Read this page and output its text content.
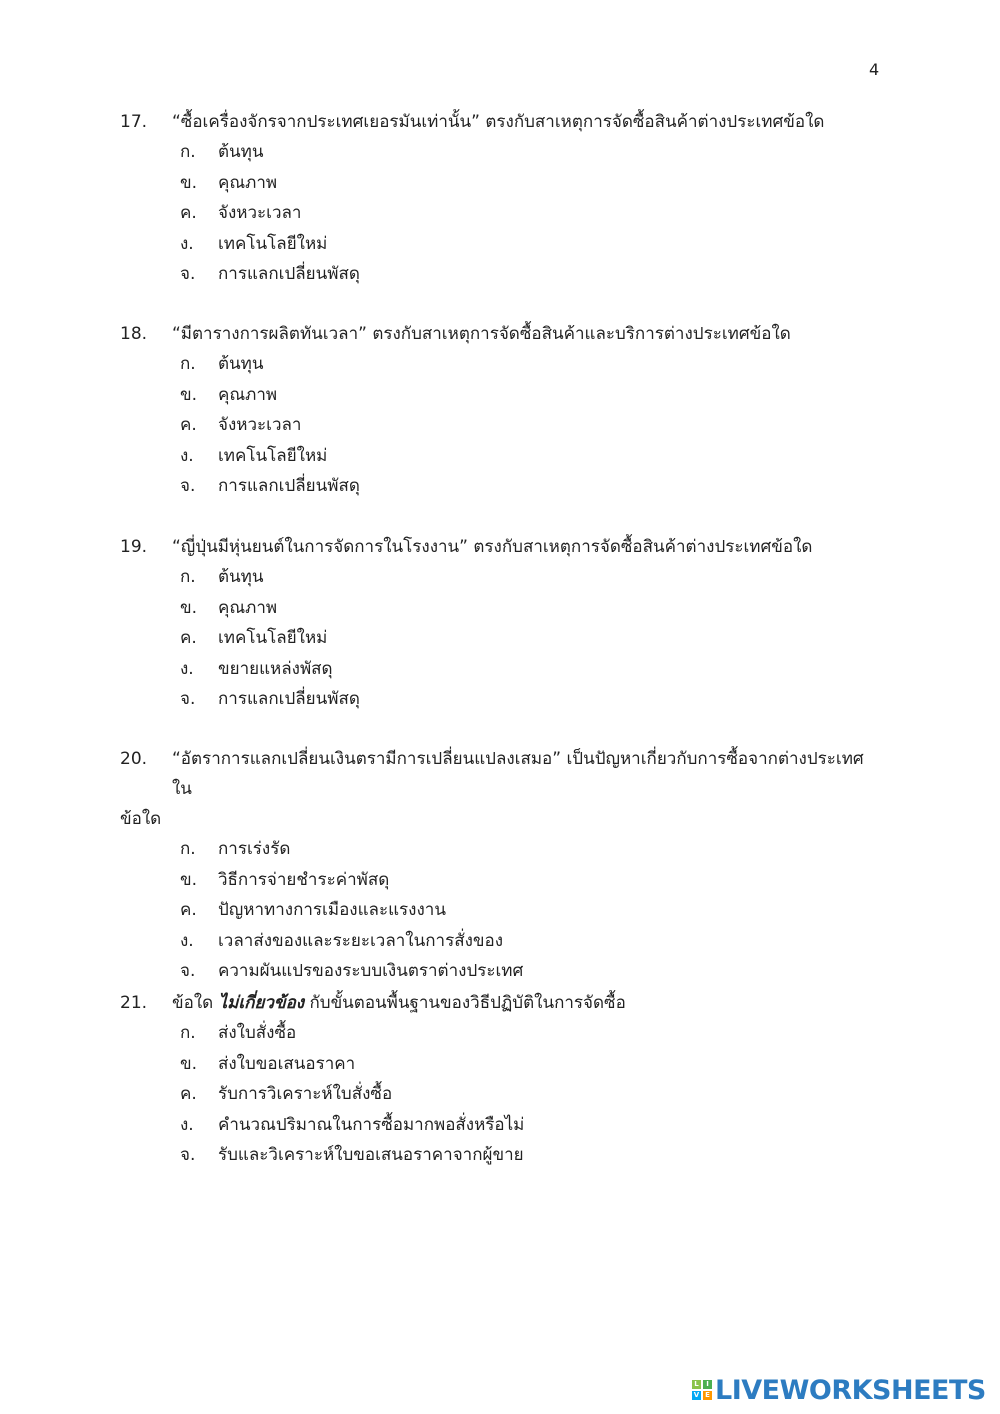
4
17.	“ซื้อเครื่องจักรจากประเทศเยอรมันเท่านั้น” ตรงกับสาเหตุการจัดซื้อสินค้าต่างประเทศข้อใด
ก.	ต้นทุน
ข.	คุณภาพ
ค.	จังหวะเวลา
ง.	เทคโนโลยีใหม่
จ.	การแลกเปลี่ยนพัสดุ
18.	“มีตารางการผลิตทันเวลา” ตรงกับสาเหตุการจัดซื้อสินค้าและบริการต่างประเทศข้อใด
ก.	ต้นทุน
ข.	คุณภาพ
ค.	จังหวะเวลา
ง.	เทคโนโลยีใหม่
จ.	การแลกเปลี่ยนพัสดุ
19.	“ญี่ปุ่นมีหุ่นยนต์ในการจัดการในโรงงาน” ตรงกับสาเหตุการจัดซื้อสินค้าต่างประเทศข้อใด
ก.	ต้นทุน
ข.	คุณภาพ
ค.	เทคโนโลยีใหม่
ง.	ขยายแหล่งพัสดุ
จ.	การแลกเปลี่ยนพัสดุ
20.	“อัตราการแลกเปลี่ยนเงินตรามีการเปลี่ยนแปลงเสมอ” เป็นปัญหาเกี่ยวกับการซื้อจากต่างประเทศใน
ข้อใด
ก.	การเร่งรัด
ข.	วิธีการจ่ายชำระค่าพัสดุ
ค.	ปัญหาทางการเมืองและแรงงาน
ง.	เวลาส่งของและระยะเวลาในการสั่งของ
จ.	ความผันแปรของระบบเงินตราต่างประเทศ
21.	ข้อใด ไม่เกี่ยวข้อง กับขั้นตอนพื้นฐานของวิธีปฏิบัติในการจัดซื้อ
ก.	ส่งใบสั่งซื้อ
ข.	ส่งใบขอเสนอราคา
ค.	รับการวิเคราะห์ใบสั่งซื้อ
ง.	คำนวณปริมาณในการซื้อมากพอสั่งหรือไม่
จ.	รับและวิเคราะห์ใบขอเสนอราคาจากผู้ขาย
L	I
V E LIVEWORKSHEETS
